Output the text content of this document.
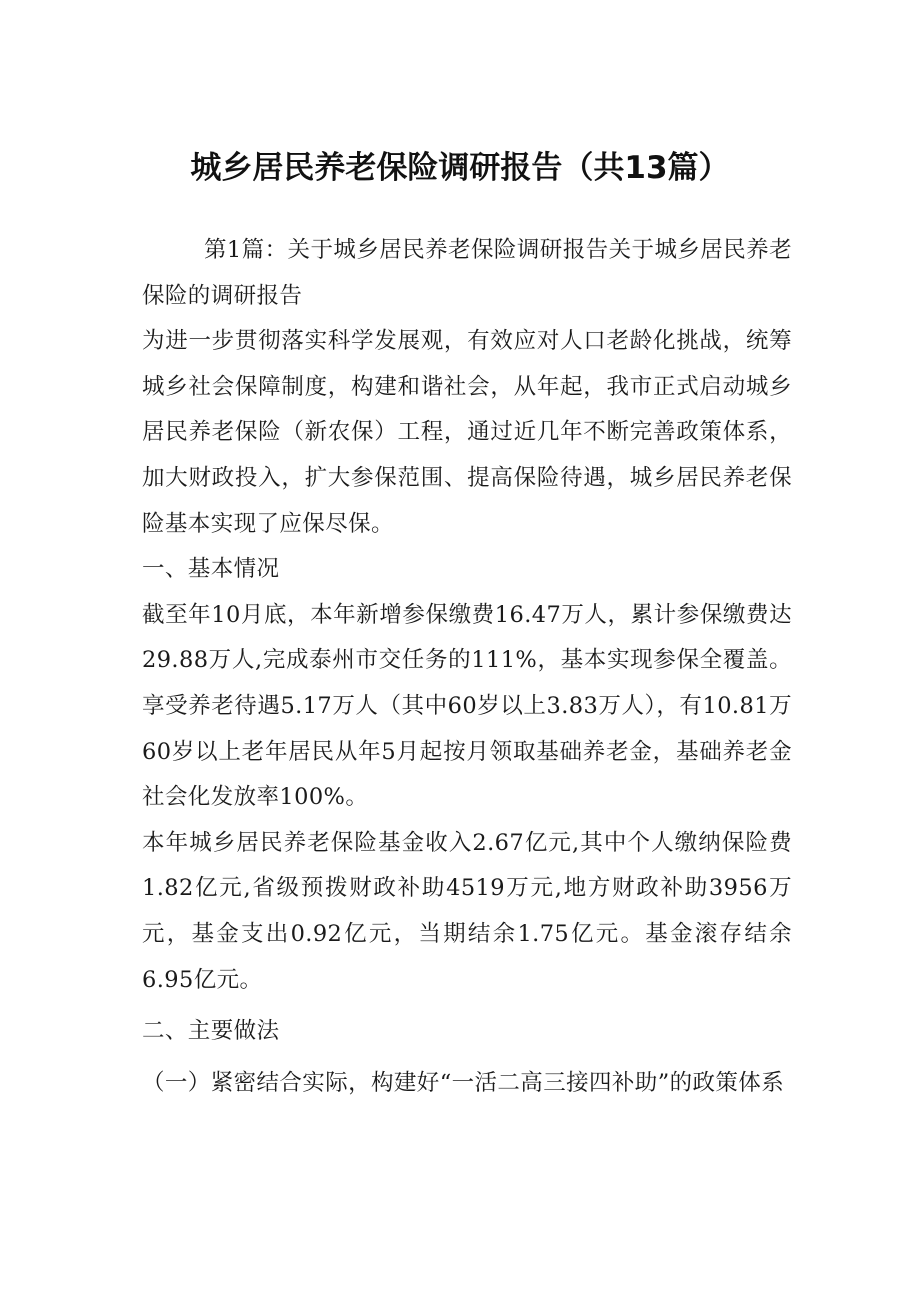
城乡居民养老保险调研报告（共13篇）

第1篇：关于城乡居民养老保险调研报告关于城乡居民养老保险的调研报告

为进一步贯彻落实科学发展观，有效应对人口老龄化挑战，统筹城乡社会保障制度，构建和谐社会，从年起，我市正式启动城乡居民养老保险（新农保）工程，通过近几年不断完善政策体系，加大财政投入，扩大参保范围、提高保险待遇，城乡居民养老保险基本实现了应保尽保。

一、基本情况

截至年10月底，本年新增参保缴费16.47万人，累计参保缴费达29.88万人,完成泰州市交任务的111%，基本实现参保全覆盖。享受养老待遇5.17万人（其中60岁以上3.83万人），有10.81万60岁以上老年居民从年5月起按月领取基础养老金，基础养老金社会化发放率100%。

本年城乡居民养老保险基金收入2.67亿元,其中个人缴纳保险费1.82亿元,省级预拨财政补助4519万元,地方财政补助3956万元，基金支出0.92亿元，当期结余1.75亿元。基金滚存结余6.95亿元。

二、主要做法

（一）紧密结合实际，构建好“一活二高三接四补助”的政策体系
